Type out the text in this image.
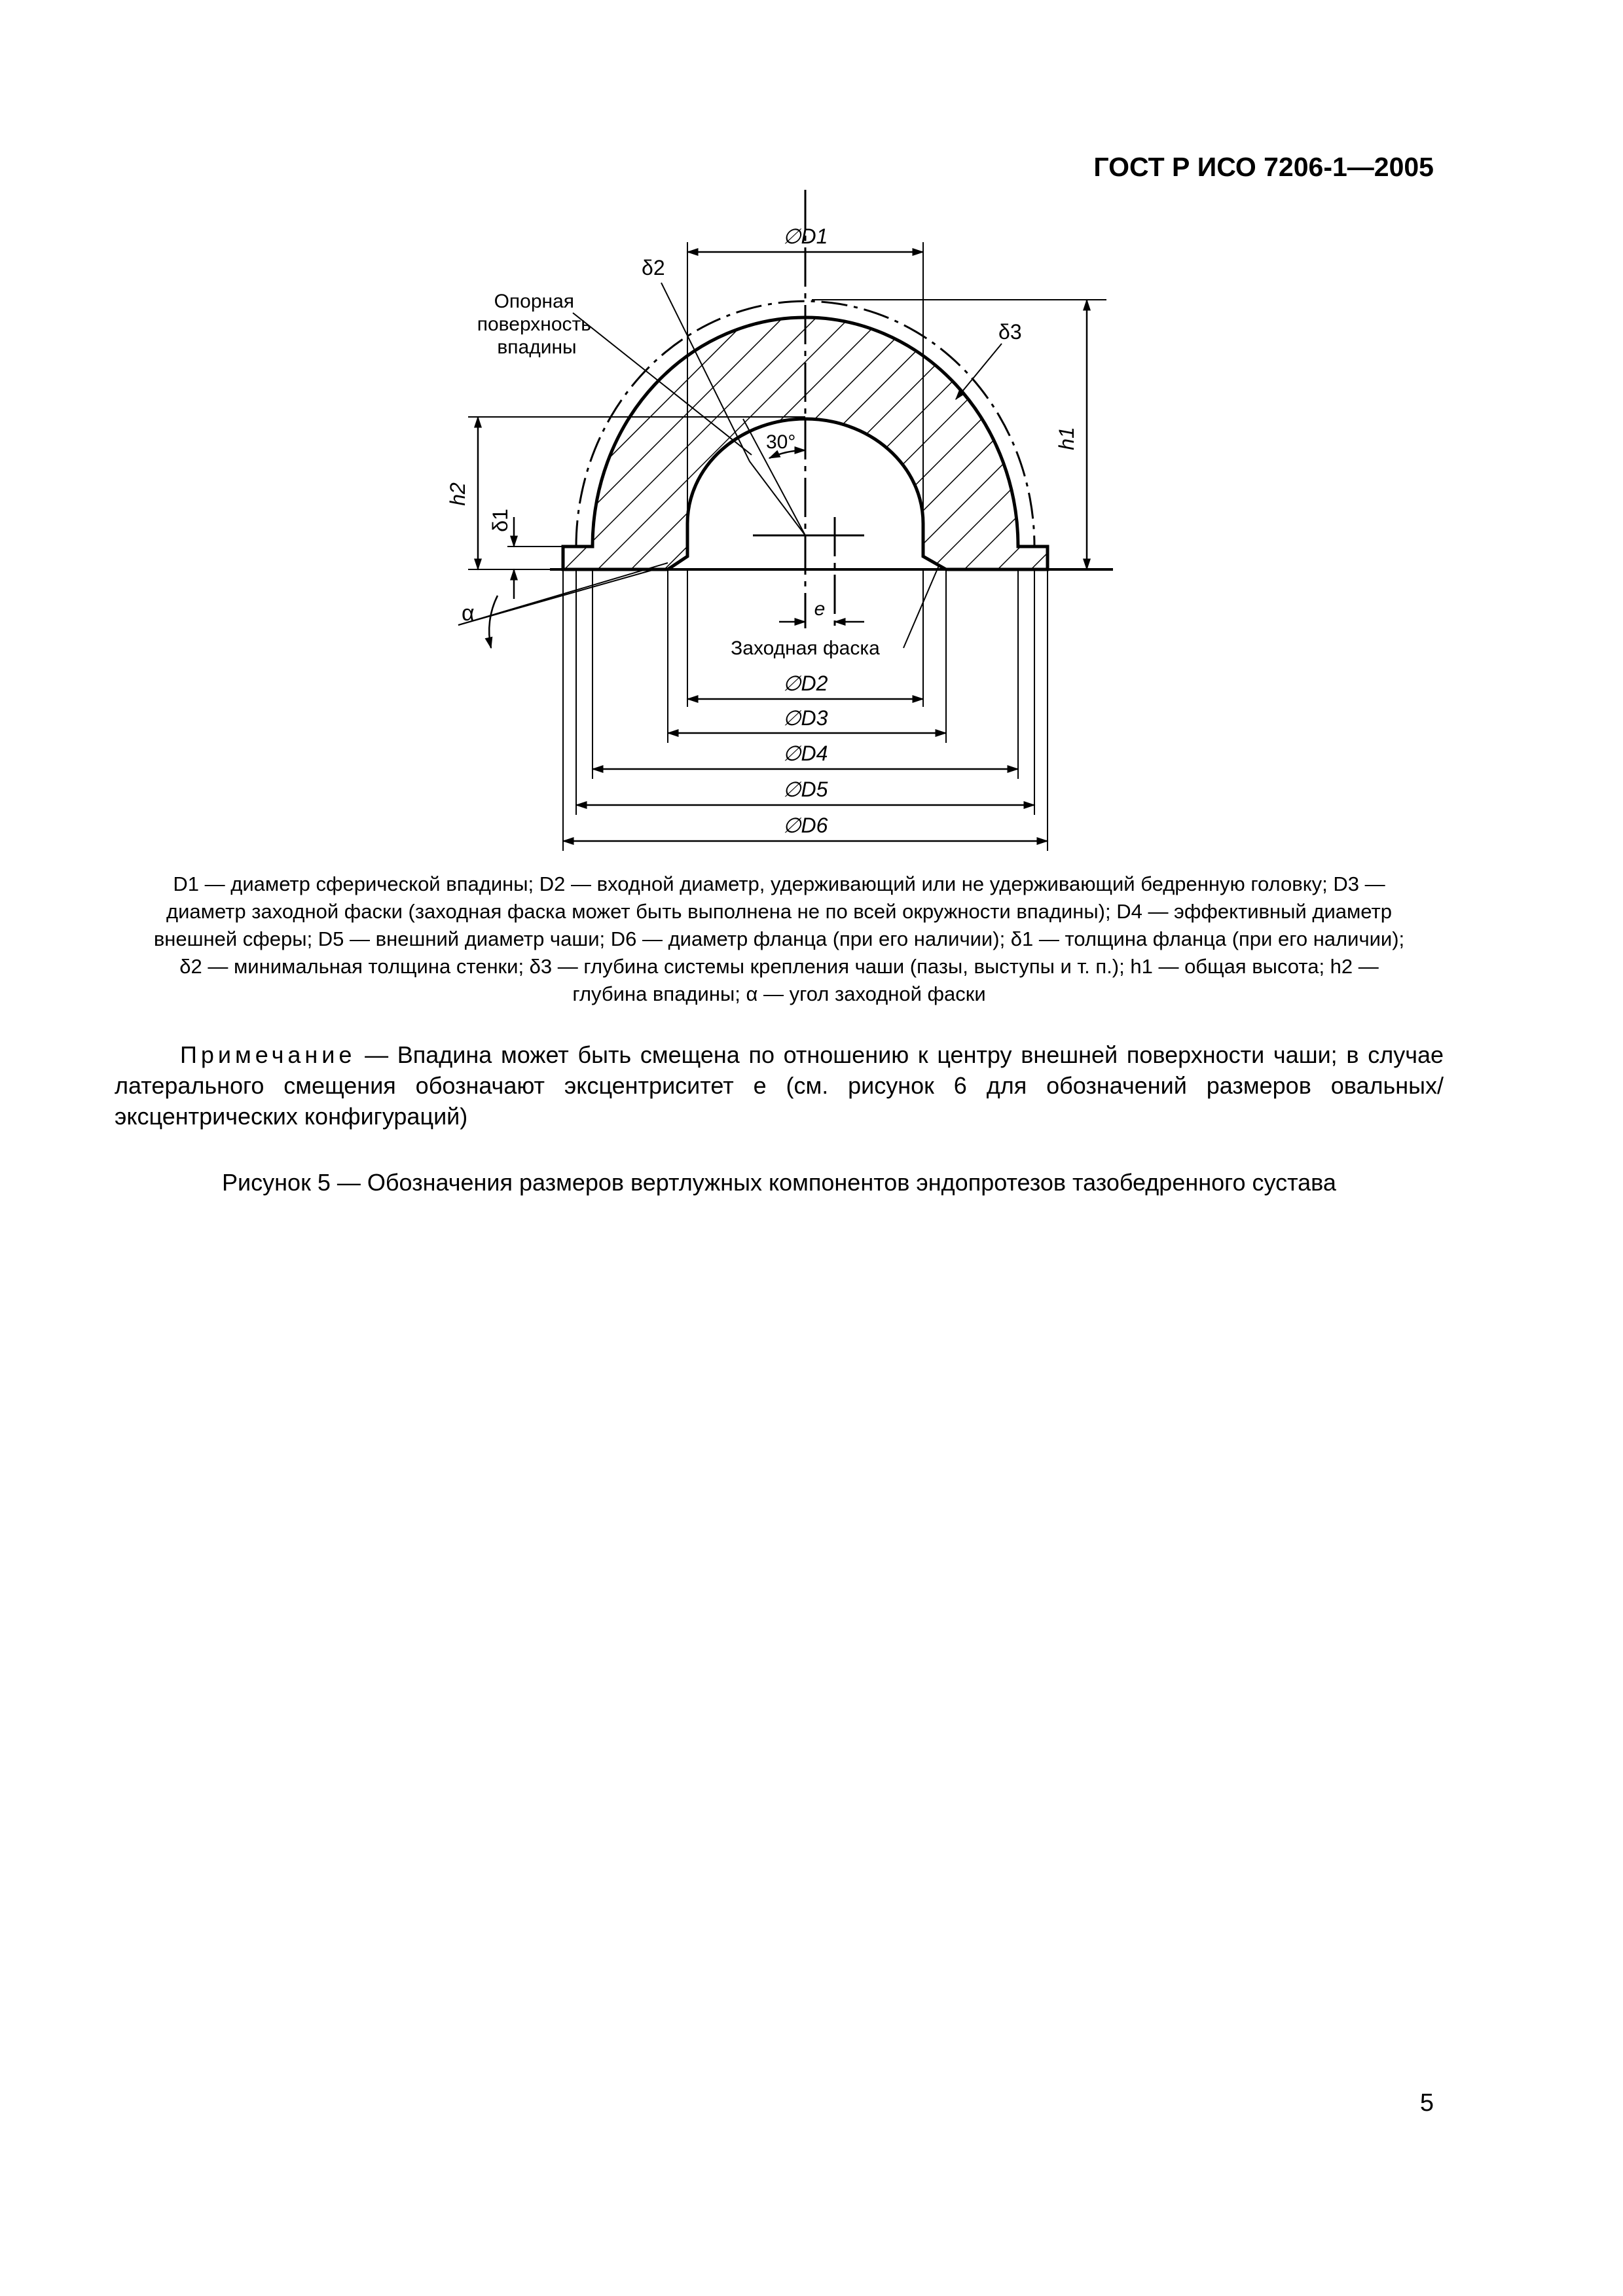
ГОСТ Р ИСО 7206-1—2005
∅D1
h1
h2
δ1
α
δ2
δ3
30°
Опорная поверхность впадины
e
Заходная фаска
∅D2
∅D3
∅D4
∅D5
∅D6
D1 — диаметр сферической впадины; D2 — входной диаметр, удерживающий или не удерживающий бедренную головку; D3 —
диаметр заходной фаски (заходная фаска может быть выполнена не по всей окружности впадины); D4 — эффективный диаметр
внешней сферы; D5 — внешний диаметр чаши; D6 — диаметр фланца (при его наличии); δ1 — толщина фланца (при его наличии);
δ2 — минимальная толщина стенки; δ3 — глубина системы крепления чаши (пазы, выступы и т. п.); h1 — общая высота; h2 —
глубина впадины; α — угол заходной фаски
Примечание — Впадина может быть смещена по отношению к центру внешней поверхности чаши; в случае латерального смещения обозначают эксцентриситет e (см. рисунок 6 для обозначений размеров овальных/эксцентрических конфигураций)
Рисунок 5 — Обозначения размеров вертлужных компонентов эндопротезов тазобедренного сустава
5
